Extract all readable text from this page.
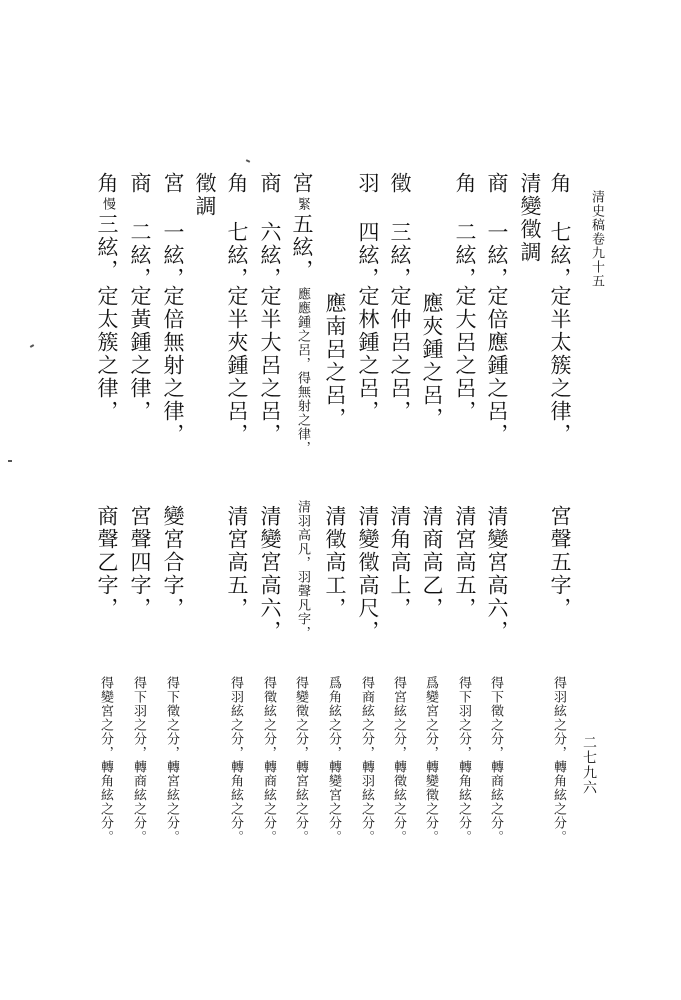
清史稿卷九十五
二七九六
角 七絃，
定半太簇之律，
宮聲五字，
得羽絃之分，轉角絃之分。
清變徵調
商 一絃，
定倍應鍾之呂，
清變宮高六，
得下徵之分，轉商絃之分。
角 二絃，
定大呂之呂，
清宮高五，
得下羽之分，轉角絃之分。
應夾鍾之呂，
清商高乙，
爲變宮之分，轉變徵之分。
徵 三絃，
定仲呂之呂，
清角高上，
得宮絃之分，轉徵絃之分。
羽 四絃，
定林鍾之呂，
清變徵高尺，
得商絃之分，轉羽絃之分。
應南呂之呂，
清徵高工，
爲角絃之分，轉變宮之分。
宮
緊
五絃，
應應鍾之呂，得無射之律，
清羽高凡，羽聲凡字，
得變徵之分，轉宮絃之分。
商 六絃，
定半大呂之呂，
清變宮高六，
得徵絃之分，轉商絃之分。
角 七絃，
定半夾鍾之呂，
清宮高五，
得羽絃之分，轉角絃之分。
徵調
宮 一絃，
定倍無射之律，
變宮合字，
得下徵之分，轉宮絃之分。
商 二絃，
定黃鍾之律，
宮聲四字，
得下羽之分，轉商絃之分。
角
慢
三絃，
定太簇之律，
商聲乙字，
得變宮之分，轉角絃之分。
